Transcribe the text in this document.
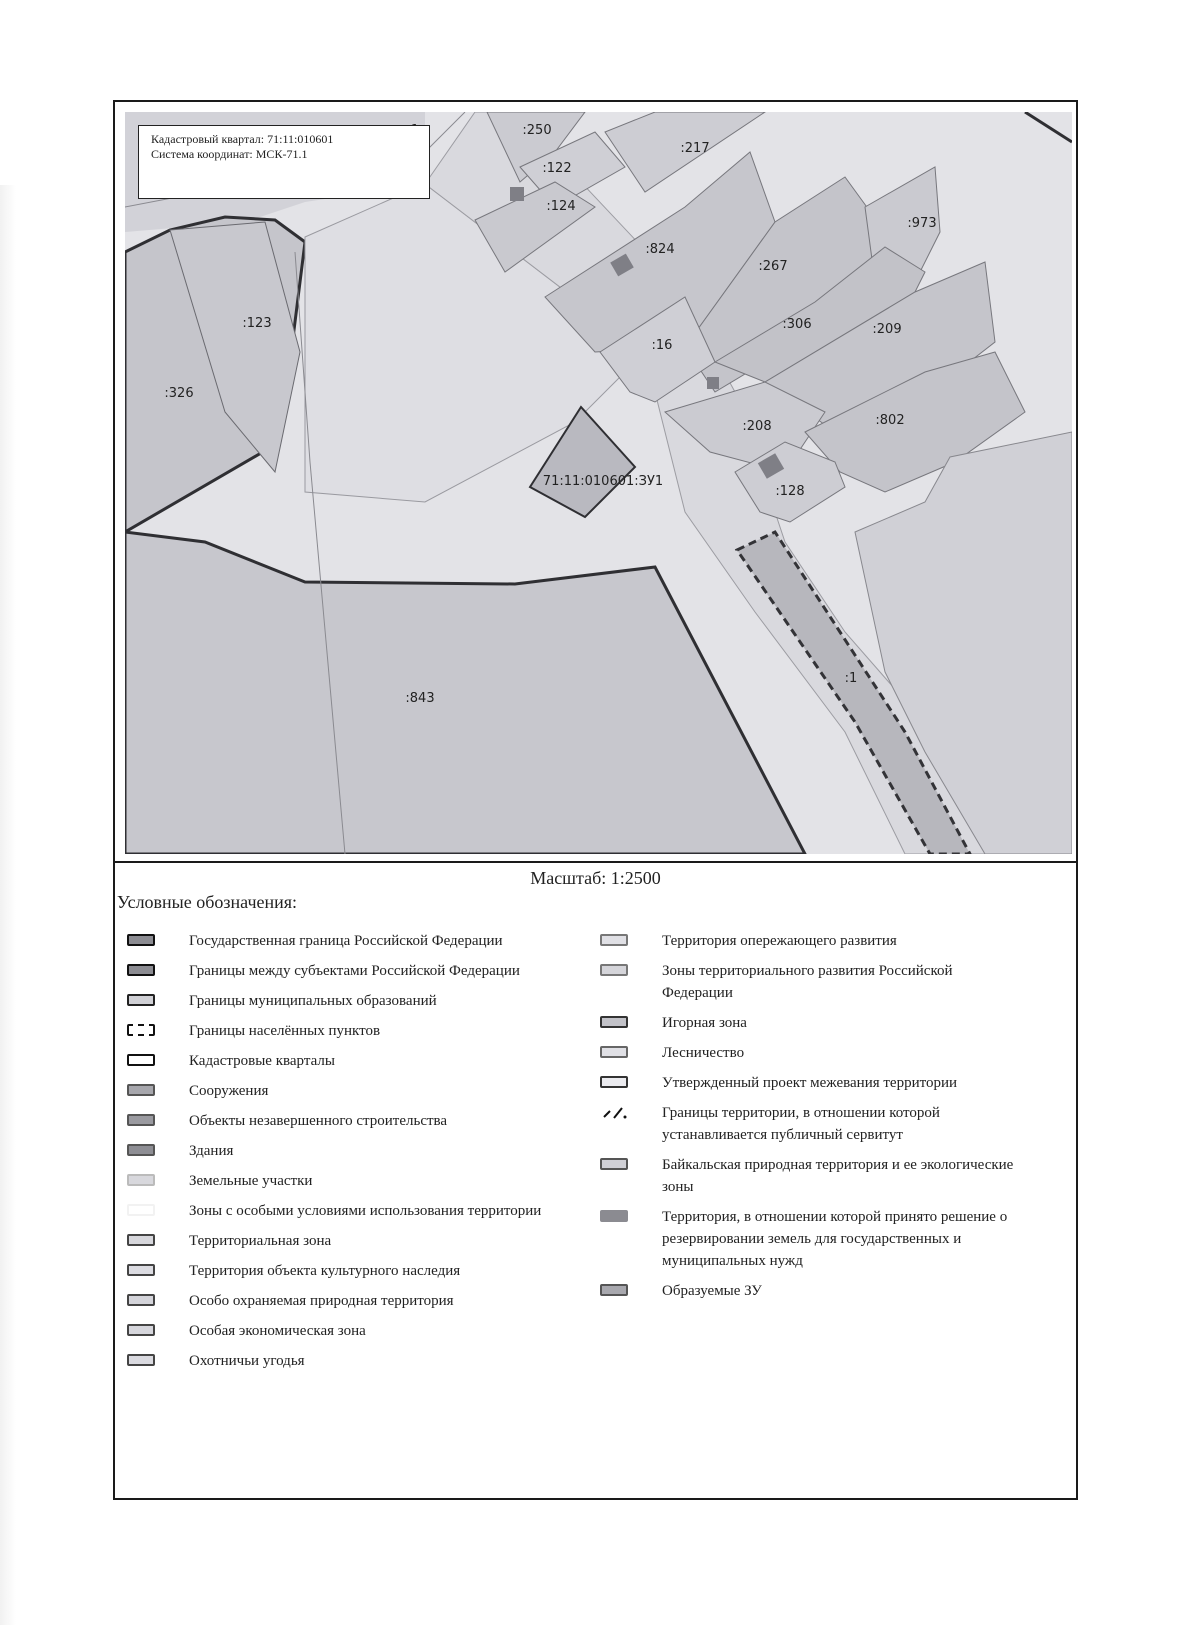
:250
:122
:217
:124
:824
:973
:267
:123	:306	:209
:16
:326
:208	:802
71:11:010601:ЗУ1
:128
:1
:843
Кадастровый квартал: 71:11:010601
Система координат: МСК-71.1
Масштаб: 1:2500
Условные обозначения:
Государственная граница Российской Федерации
Границы между субъектами Российской Федерации
Границы муниципальных образований
Границы населённых пунктов
Кадастровые кварталы
Сооружения
Объекты незавершенного строительства
Здания
Земельные участки
Зоны с особыми условиями использования территории
Территориальная зона
Территория объекта культурного наследия
Особо охраняемая природная территория
Особая экономическая зона
Охотничьи угодья
Территория опережающего развития
Зоны территориального развития Российской Федерации
Игорная зона
Лесничество
Утвержденный проект межевания территории
Границы территории, в отношении которой устанавливается публичный сервитут
Байкальская природная территория и ее экологические зоны
Территория, в отношении которой принято решение о резервировании земель для государственных и муниципальных нужд
Образуемые ЗУ
